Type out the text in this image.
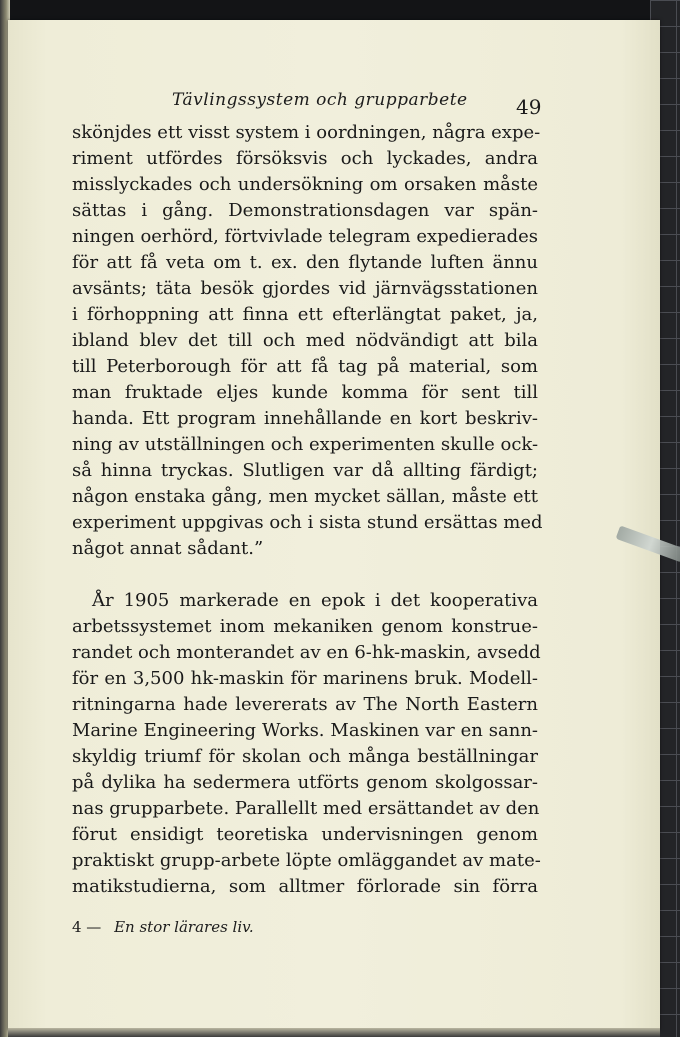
Tävlingssystem och grupparbete 49
skönjdes ett visst system i oordningen, några expe-
riment utfördes försöksvis och lyckades, andra
misslyckades och undersökning om orsaken måste
sättas i gång. Demonstrationsdagen var spän-
ningen oerhörd, förtvivlade telegram expedierades
för att få veta om t. ex. den flytande luften ännu
avsänts; täta besök gjordes vid järnvägsstationen
i förhoppning att finna ett efterlängtat paket, ja,
ibland blev det till och med nödvändigt att bila
till Peterborough för att få tag på material, som
man fruktade eljes kunde komma för sent till
handa. Ett program innehållande en kort beskriv-
ning av utställningen och experimenten skulle ock-
så hinna tryckas. Slutligen var då allting färdigt;
någon enstaka gång, men mycket sällan, måste ett
experiment uppgivas och i sista stund ersättas med
något annat sådant.”
År 1905 markerade en epok i det kooperativa
arbetssystemet inom mekaniken genom konstrue-
randet och monterandet av en 6-hk-maskin, avsedd
för en 3,500 hk-maskin för marinens bruk. Modell-
ritningarna hade levererats av The North Eastern
Marine Engineering Works. Maskinen var en sann-
skyldig triumf för skolan och många beställningar
på dylika ha sedermera utförts genom skolgossar-
nas grupparbete. Parallellt med ersättandet av den
förut ensidigt teoretiska undervisningen genom
praktiskt grupp-arbete löpte omläggandet av mate-
matikstudierna, som alltmer förlorade sin förra
4 — En stor lärares liv.
